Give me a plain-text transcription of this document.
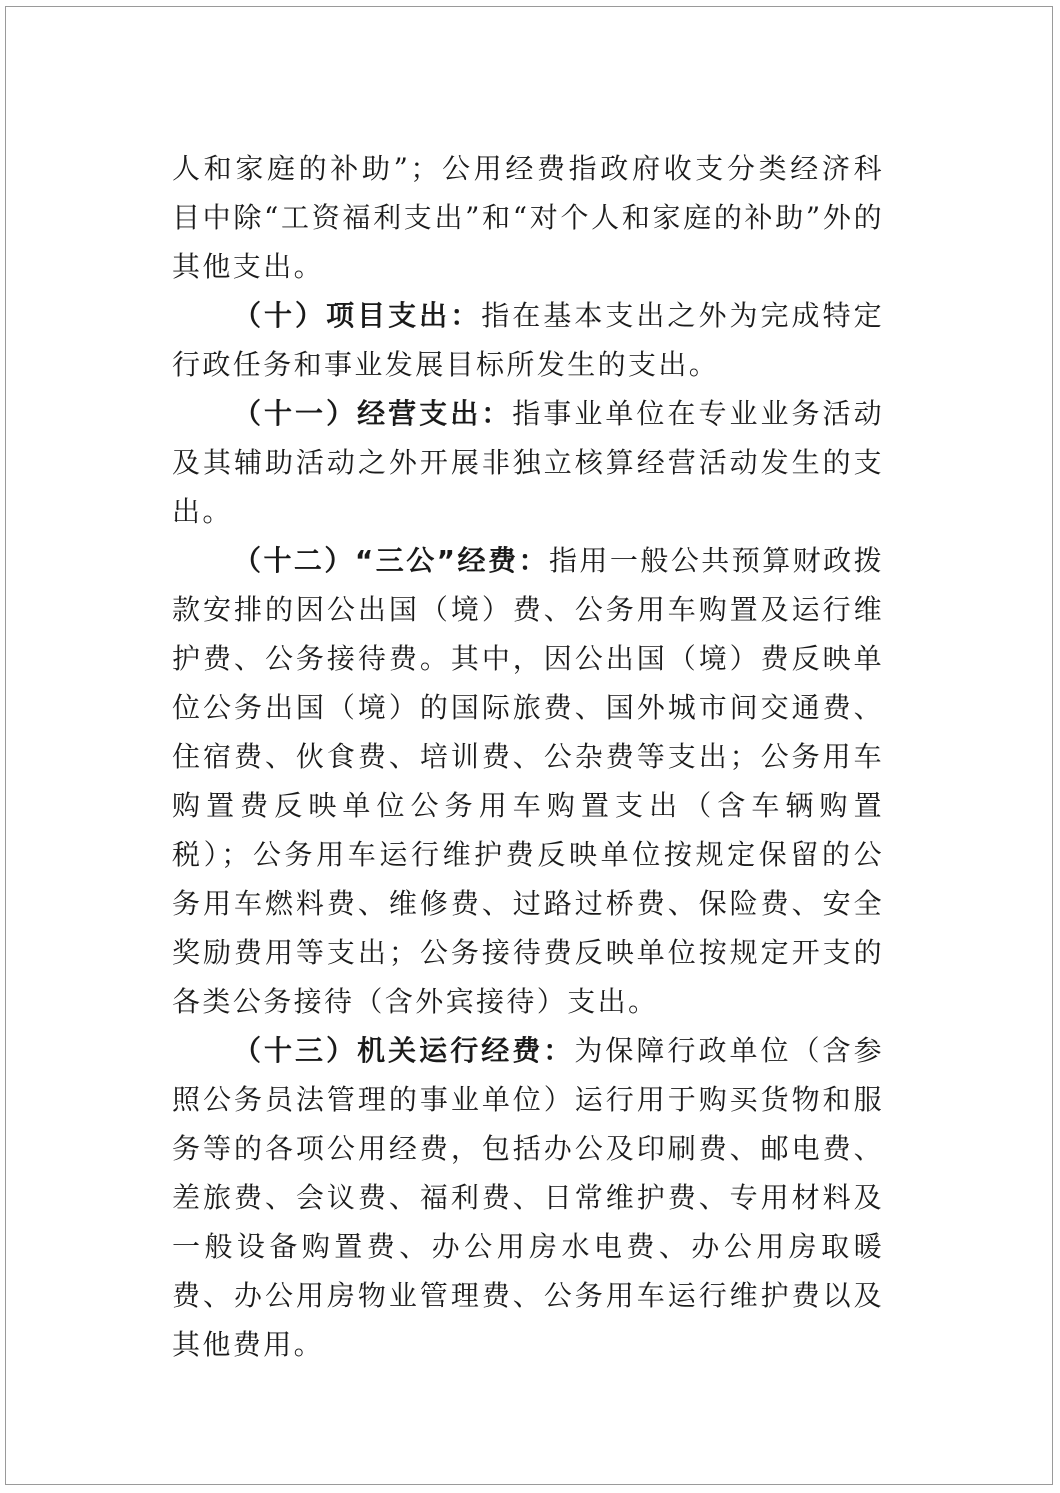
人和家庭的补助”；公用经费指政府收支分类经济科目中除“工资福利支出”和“对个人和家庭的补助”外的其他支出。

（十）项目支出：指在基本支出之外为完成特定行政任务和事业发展目标所发生的支出。

（十一）经营支出：指事业单位在专业业务活动及其辅助活动之外开展非独立核算经营活动发生的支出。

（十二）“三公”经费：指用一般公共预算财政拨款安排的因公出国（境）费、公务用车购置及运行维护费、公务接待费。其中，因公出国（境）费反映单位公务出国（境）的国际旅费、国外城市间交通费、住宿费、伙食费、培训费、公杂费等支出；公务用车购置费反映单位公务用车购置支出（含车辆购置税）；公务用车运行维护费反映单位按规定保留的公务用车燃料费、维修费、过路过桥费、保险费、安全奖励费用等支出；公务接待费反映单位按规定开支的各类公务接待（含外宾接待）支出。

（十三）机关运行经费：为保障行政单位（含参照公务员法管理的事业单位）运行用于购买货物和服务等的各项公用经费，包括办公及印刷费、邮电费、差旅费、会议费、福利费、日常维护费、专用材料及一般设备购置费、办公用房水电费、办公用房取暖费、办公用房物业管理费、公务用车运行维护费以及其他费用。
